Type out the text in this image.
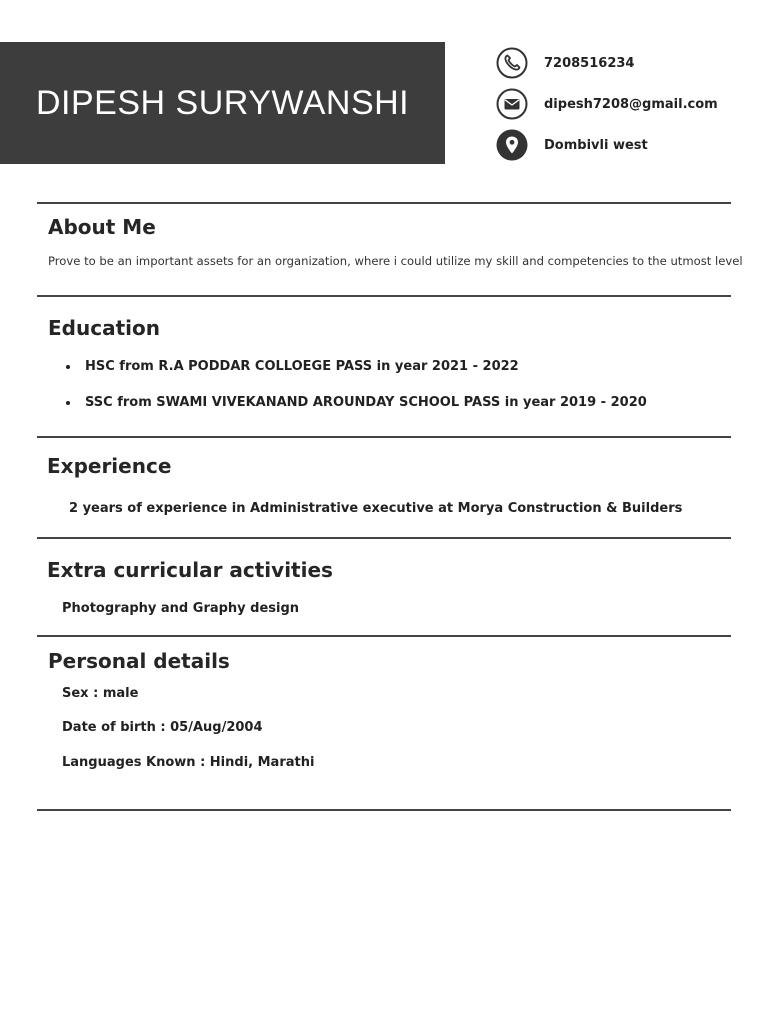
DIPESH SURYWANSHI
7208516234
dipesh7208@gmail.com
Dombivli west
About Me
Prove to be an important assets for an organization, where i could utilize my skill and competencies to the utmost level
Education
HSC from R.A PODDAR COLLOEGE PASS in year 2021 - 2022
SSC from SWAMI VIVEKANAND AROUNDAY SCHOOL PASS in year 2019 - 2020
Experience
2 years of experience in Administrative executive at Morya Construction & Builders
Extra curricular activities
Photography and Graphy design
Personal details
Sex : male
Date of birth : 05/Aug/2004
Languages Known : Hindi, Marathi
